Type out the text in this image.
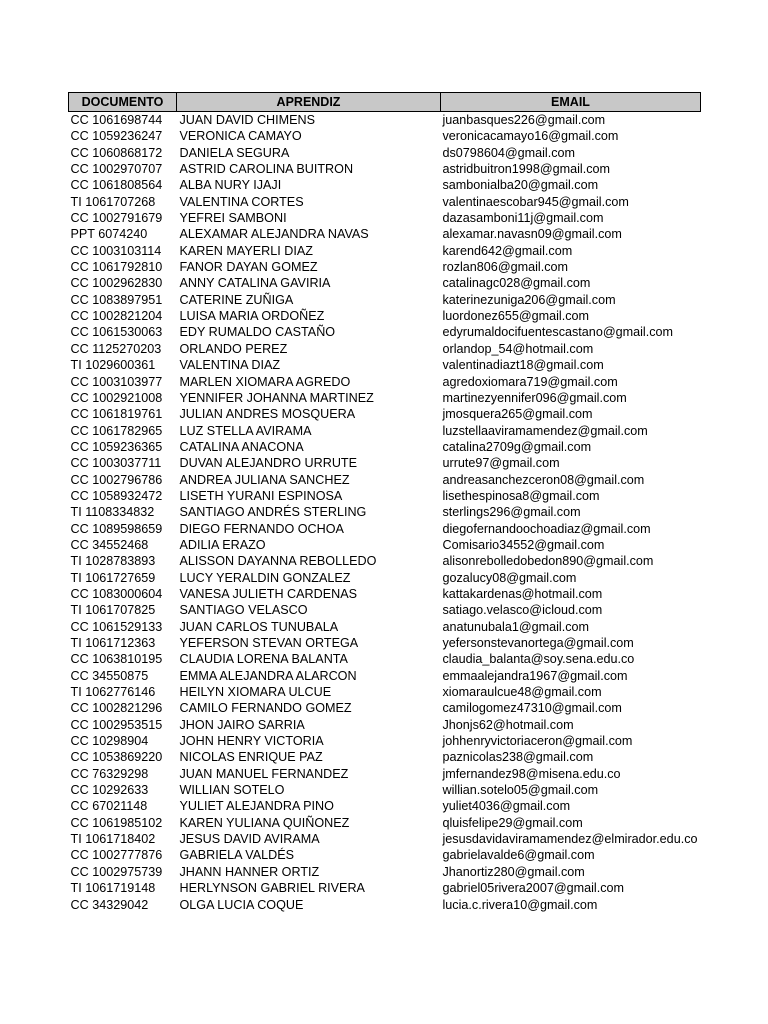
DOCUMENTO	APRENDIZ	EMAIL
CC 1061698744	JUAN DAVID CHIMENS	juanbasques226@gmail.com
CC 1059236247	VERONICA CAMAYO	veronicacamayo16@gmail.com
CC 1060868172	DANIELA SEGURA	ds0798604@gmail.com
CC 1002970707	ASTRID CAROLINA BUITRON	astridbuitron1998@gmail.com
CC 1061808564	ALBA NURY IJAJI	sambonialba20@gmail.com
TI 1061707268	VALENTINA CORTES	valentinaescobar945@gmail.com
CC 1002791679	YEFREI SAMBONI	dazasamboni11j@gmail.com
PPT 6074240	ALEXAMAR ALEJANDRA NAVAS	alexamar.navasn09@gmail.com
CC 1003103114	KAREN MAYERLI DIAZ	karend642@gmail.com
CC 1061792810	FANOR DAYAN GOMEZ	rozlan806@gmail.com
CC 1002962830	ANNY CATALINA GAVIRIA	catalinagc028@gmail.com
CC 1083897951	CATERINE ZUÑIGA	katerinezuniga206@gmail.com
CC 1002821204	LUISA MARIA ORDOÑEZ	luordonez655@gmail.com
CC 1061530063	EDY RUMALDO CASTAÑO	edyrumaldocifuentescastano@gmail.com
CC 1125270203	ORLANDO PEREZ	orlandop_54@hotmail.com
TI 1029600361	VALENTINA DIAZ	valentinadiazt18@gmail.com
CC 1003103977	MARLEN XIOMARA AGREDO	agredoxiomara719@gmail.com
CC 1002921008	YENNIFER JOHANNA MARTINEZ	martinezyennifer096@gmail.com
CC 1061819761	JULIAN ANDRES MOSQUERA	jmosquera265@gmail.com
CC 1061782965	LUZ STELLA AVIRAMA	luzstellaaviramamendez@gmail.com
CC 1059236365	CATALINA ANACONA	catalina2709g@gmail.com
CC 1003037711	DUVAN ALEJANDRO URRUTE	urrute97@gmail.com
CC 1002796786	ANDREA JULIANA SANCHEZ	andreasanchezceron08@gmail.com
CC 1058932472	LISETH YURANI ESPINOSA	lisethespinosa8@gmail.com
TI 1108334832	SANTIAGO ANDRÉS STERLING	sterlings296@gmail.com
CC 1089598659	DIEGO FERNANDO OCHOA	diegofernandoochoadiaz@gmail.com
CC 34552468	ADILIA ERAZO	Comisario34552@gmail.com
TI 1028783893	ALISSON DAYANNA REBOLLEDO	alisonrebolledobedon890@gmail.com
TI 1061727659	LUCY YERALDIN GONZALEZ	gozalucy08@gmail.com
CC 1083000604	VANESA JULIETH CARDENAS	kattakardenas@hotmail.com
TI 1061707825	SANTIAGO VELASCO	satiago.velasco@icloud.com
CC 1061529133	JUAN CARLOS TUNUBALA	anatunubala1@gmail.com
TI 1061712363	YEFERSON STEVAN ORTEGA	yefersonstevanortega@gmail.com
CC 1063810195	CLAUDIA LORENA BALANTA	claudia_balanta@soy.sena.edu.co
CC 34550875	EMMA ALEJANDRA ALARCON	emmaalejandra1967@gmail.com
TI 1062776146	HEILYN XIOMARA ULCUE	xiomaraulcue48@gmail.com
CC 1002821296	CAMILO FERNANDO GOMEZ	camilogomez47310@gmail.com
CC 1002953515	JHON JAIRO SARRIA	Jhonjs62@hotmail.com
CC 10298904	JOHN HENRY VICTORIA	johhenryvictoriaceron@gmail.com
CC 1053869220	NICOLAS ENRIQUE PAZ	paznicolas238@gmail.com
CC 76329298	JUAN MANUEL FERNANDEZ	jmfernandez98@misena.edu.co
CC 10292633	WILLIAN SOTELO	willian.sotelo05@gmail.com
CC 67021148	YULIET ALEJANDRA PINO	yuliet4036@gmail.com
CC 1061985102	KAREN YULIANA QUIÑONEZ	qluisfelipe29@gmail.com
TI 1061718402	JESUS DAVID AVIRAMA	jesusdavidaviramamendez@elmirador.edu.co
CC 1002777876	GABRIELA VALDÉS	gabrielavalde6@gmail.com
CC 1002975739	JHANN HANNER ORTIZ	Jhanortiz280@gmail.com
TI 1061719148	HERLYNSON GABRIEL RIVERA	gabriel05rivera2007@gmail.com
CC 34329042	OLGA LUCIA COQUE	lucia.c.rivera10@gmail.com
